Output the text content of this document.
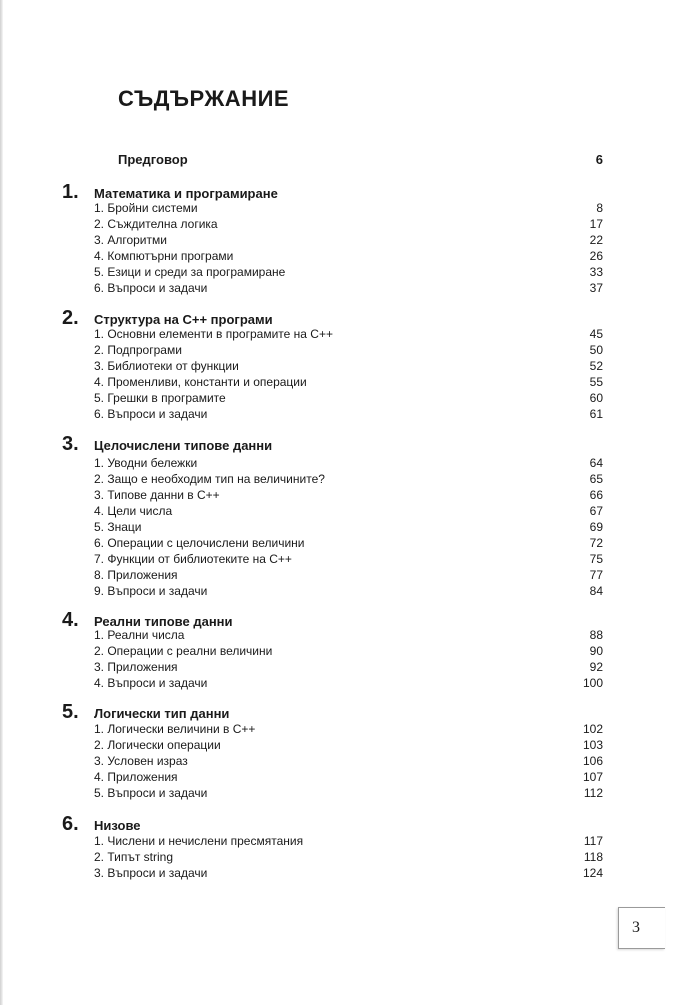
СЪДЪРЖАНИЕ
Предговор	6
1. Математика и програмиране
1. Бройни системи	8
2. Съждителна логика	17
3. Алгоритми	22
4. Компютърни програми	26
5. Езици и среди за програмиране	33
6. Въпроси и задачи	37
2. Структура на C++ програми
1. Основни елементи в програмите на C++	45
2. Подпрограми	50
3. Библиотеки от функции	52
4. Променливи, константи и операции	55
5. Грешки в програмите	60
6. Въпроси и задачи	61
3. Целочислени типове данни
1. Уводни бележки	64
2. Защо е необходим тип на величините?	65
3. Типове данни в C++	66
4. Цели числа	67
5. Знаци	69
6. Операции с целочислени величини	72
7. Функции от библиотеките на C++	75
8. Приложения	77
9. Въпроси и задачи	84
4. Реални типове данни
1. Реални числа	88
2. Операции с реални величини	90
3. Приложения	92
4. Въпроси и задачи	100
5. Логически тип данни
1. Логически величини в C++	102
2. Логически операции	103
3. Условен израз	106
4. Приложения	107
5. Въпроси и задачи	112
6. Низове
1. Числени и нечислени пресмятания	117
2. Типът string	118
3. Въпроси и задачи	124
3
